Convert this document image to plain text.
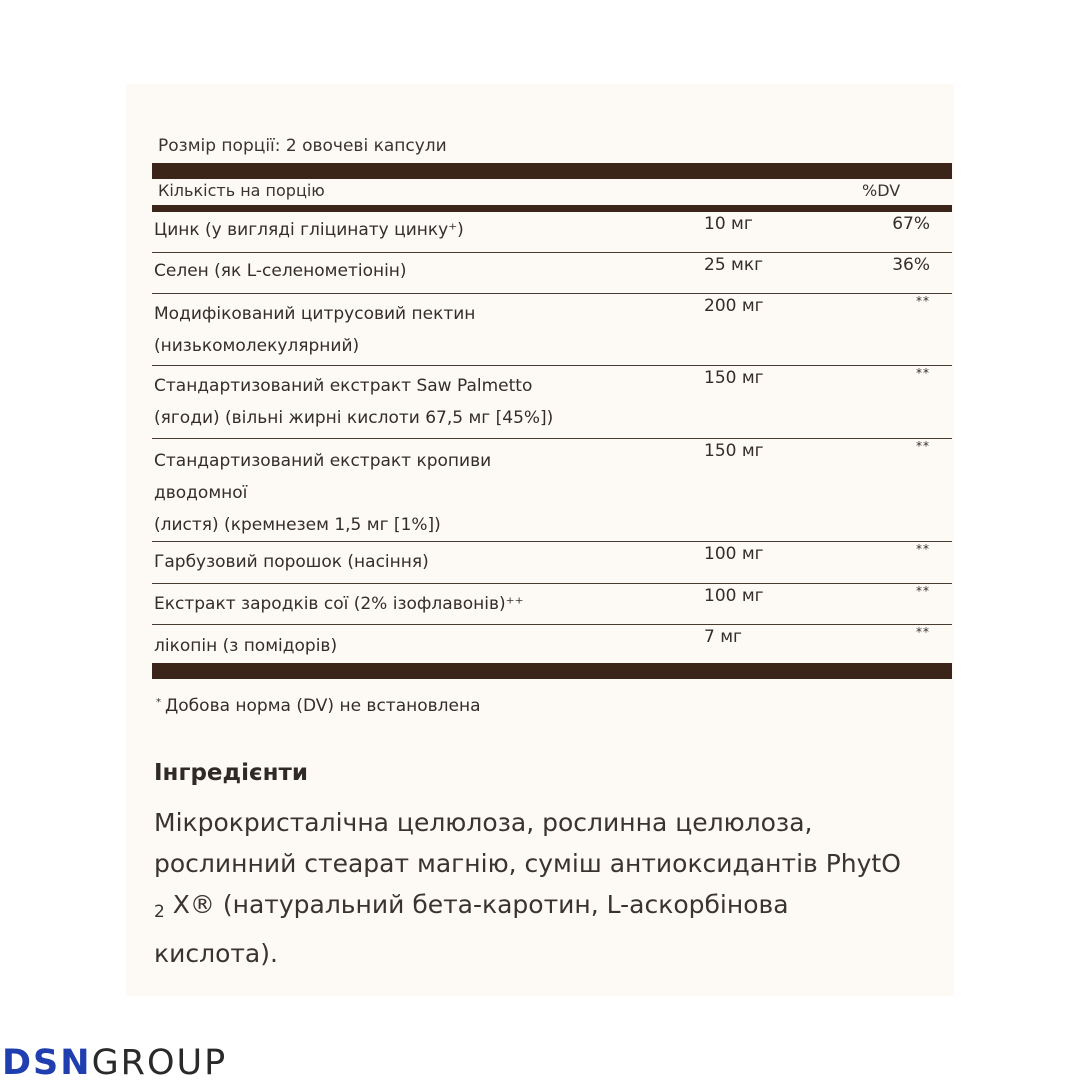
Розмір порції: 2 овочеві капсули
Кількість на порцію	%DV
Цинк (у вигляді гліцинату цинку⁺)	10 мг	67%
Селен (як L-селенометіонін)	25 мкг	36%
Модифікований цитрусовий пектин
(низькомолекулярний)
200 мг	**
Стандартизований екстракт Saw Palmetto
(ягоди) (вільні жирні кислоти 67,5 мг [45%])
150 мг	**
Стандартизований екстракт кропиви
дводомної
(листя) (кремнезем 1,5 мг [1%])
150 мг	**
Гарбузовий порошок (насіння)	100 мг	**
Екстракт зародків сої (2% ізофлавонів)⁺⁺	100 мг	**
лікопін (з помідорів)	7 мг	**
* Добова норма (DV) не встановлена
Інгредієнти
Мікрокристалічна целюлоза, рослинна целюлоза, рослинний стеарат магнію, суміш антиоксидантів PhytO $_2$ X® (натуральний бета-каротин, L-аскорбінова кислота).
DSNGROUP
